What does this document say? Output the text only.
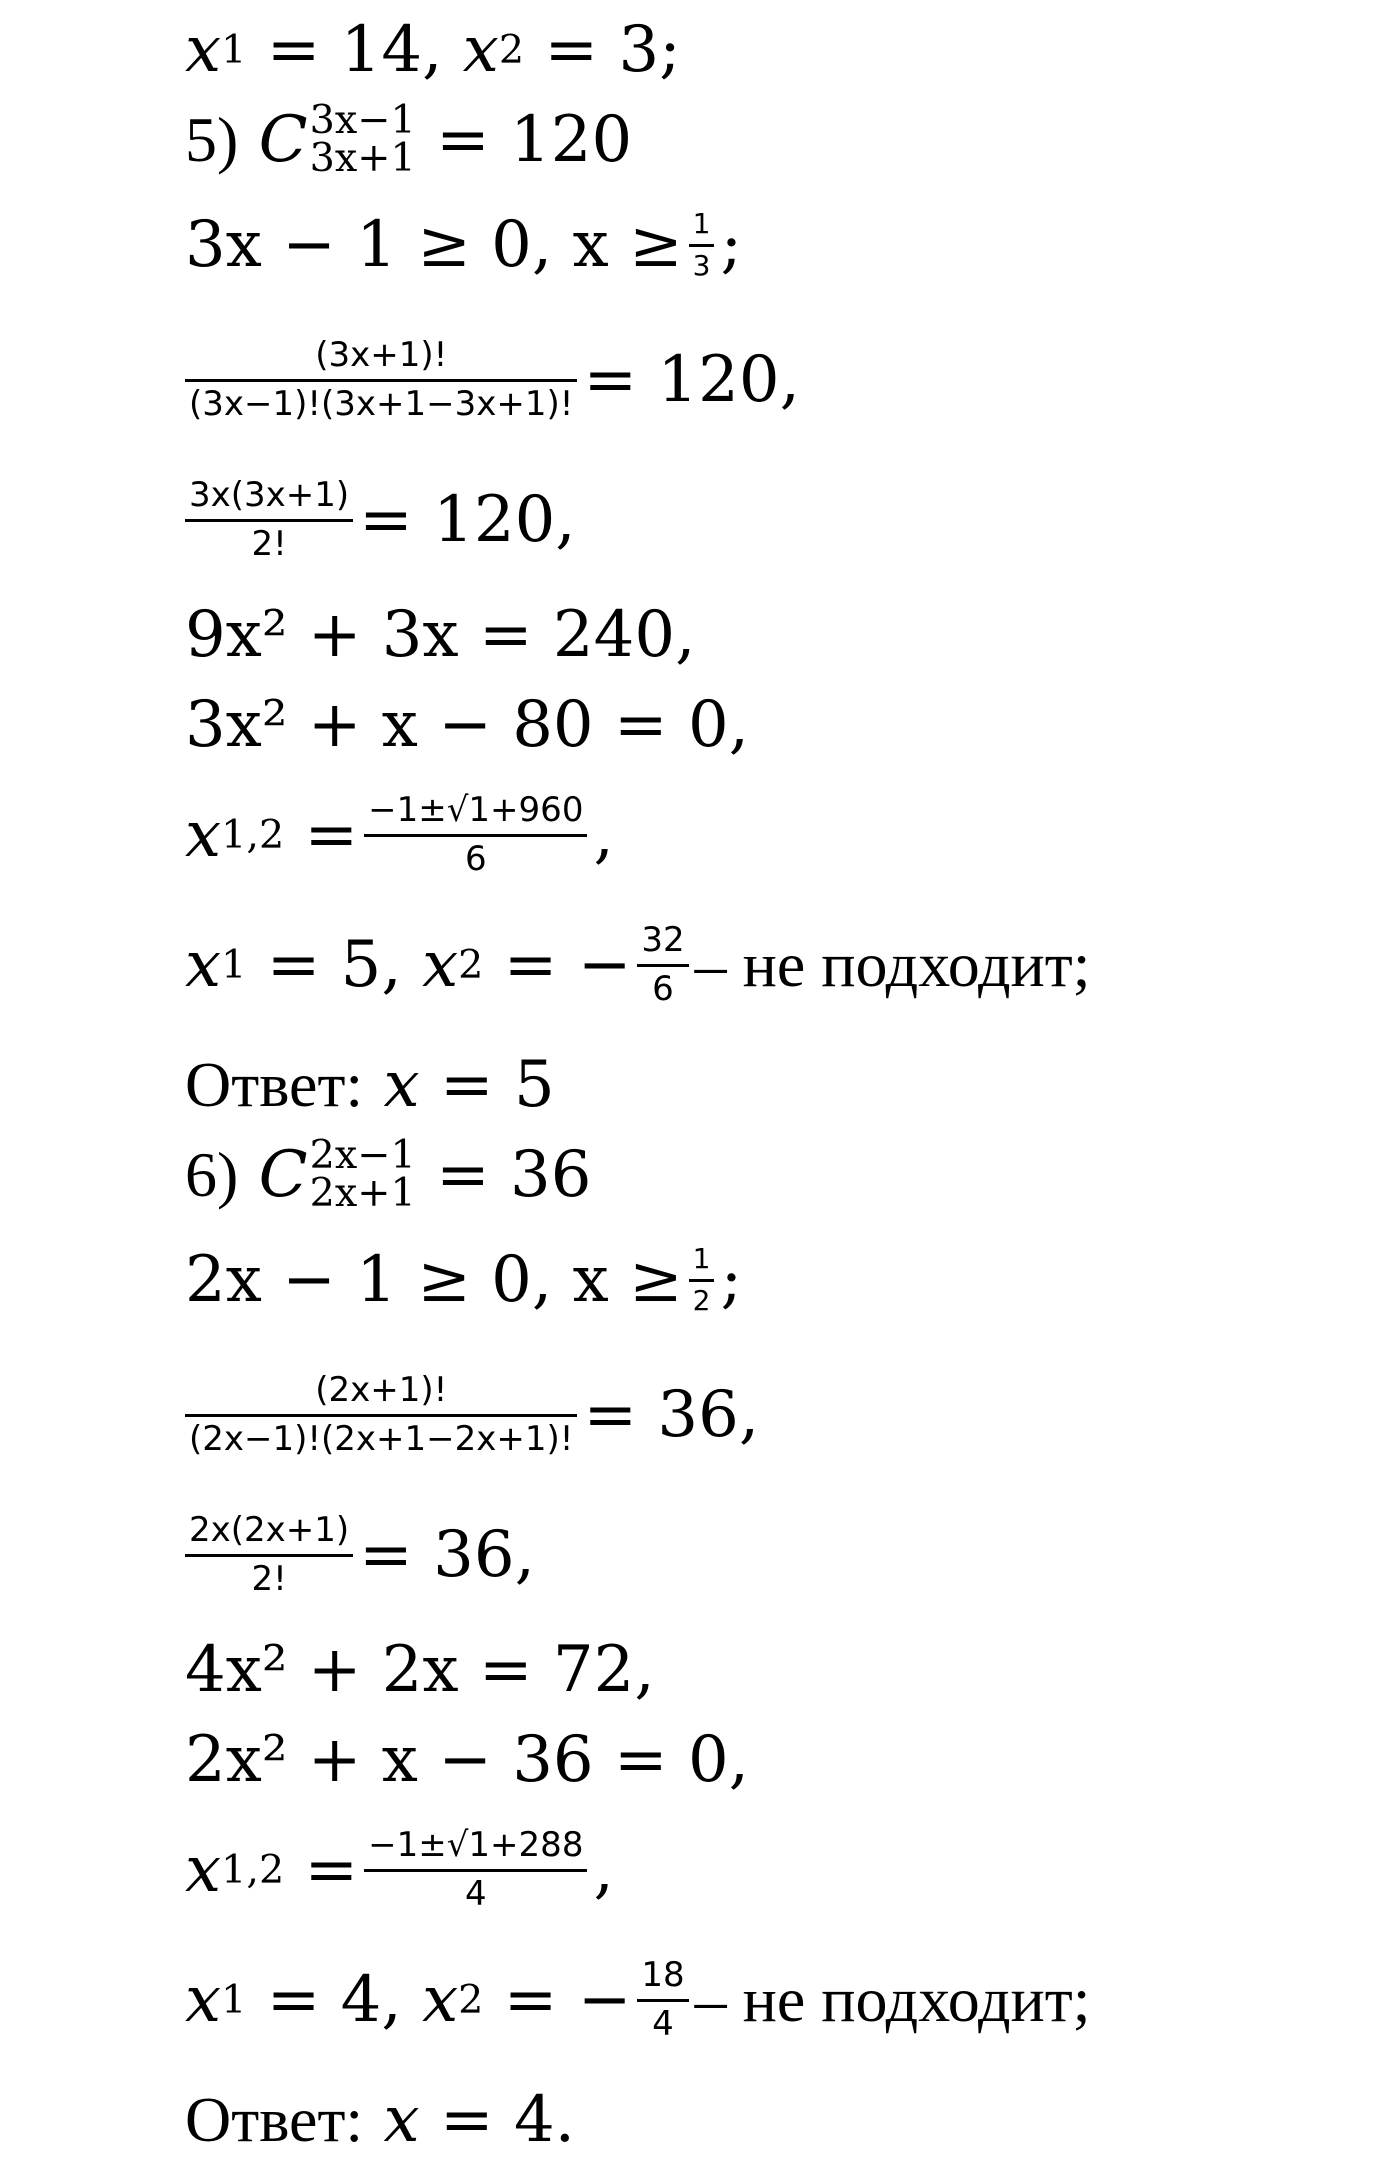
x 1 = 14 , x 2 = 3 ;
5)
C 3x−1
3x+1 = 120
3x − 1 ≥ 0, $x \ge \frac{1}{3}$ ;
$\frac{(3x+1)!}{(3x-1)!(3x+1-3x+1)!} = 120$,
$\frac{3x(3x+1)}{2!} = 120$,
9x² + 3x = 240,
3x² + x − 80 = 0,
x $1,2 = \frac{-1\pm√1+960}{6}$ ,
x 1 = 5 , x 2 = − $\frac{32}{6}$ – не подходит;
Ответ:
x = 5
6)
C 2x−1
2x+1 = 36
2x − 1 ≥ 0, $x \ge \frac{1}{2}$ ;
$\frac{(2x+1)!}{(2x-1)!(2x+1-2x+1)!} = 36$,
$\frac{2x(2x+1)}{2!} = 36$,
4x² + 2x = 72,
2x² + x − 36 = 0,
x $1,2 = \frac{-1\pm√1+288}{4}$ ,
x 1 = 4 , x 2 = − $\frac{18}{4}$ – не подходит;
Ответ:
x = 4.
